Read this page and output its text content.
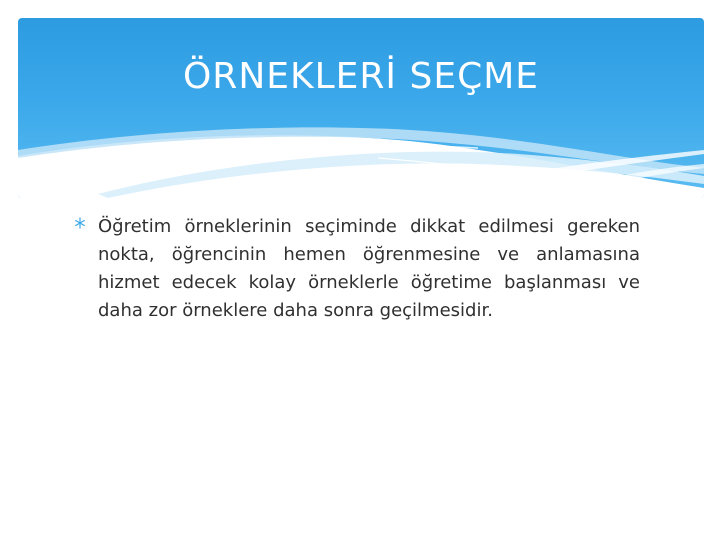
ÖRNEKLERİ SEÇME

Öğretim örneklerinin seçiminde dikkat edilmesi gereken nokta, öğrencinin hemen öğrenmesine ve anlamasına hizmet edecek kolay örneklerle öğretime başlanması ve daha zor örneklere daha sonra geçilmesidir.
